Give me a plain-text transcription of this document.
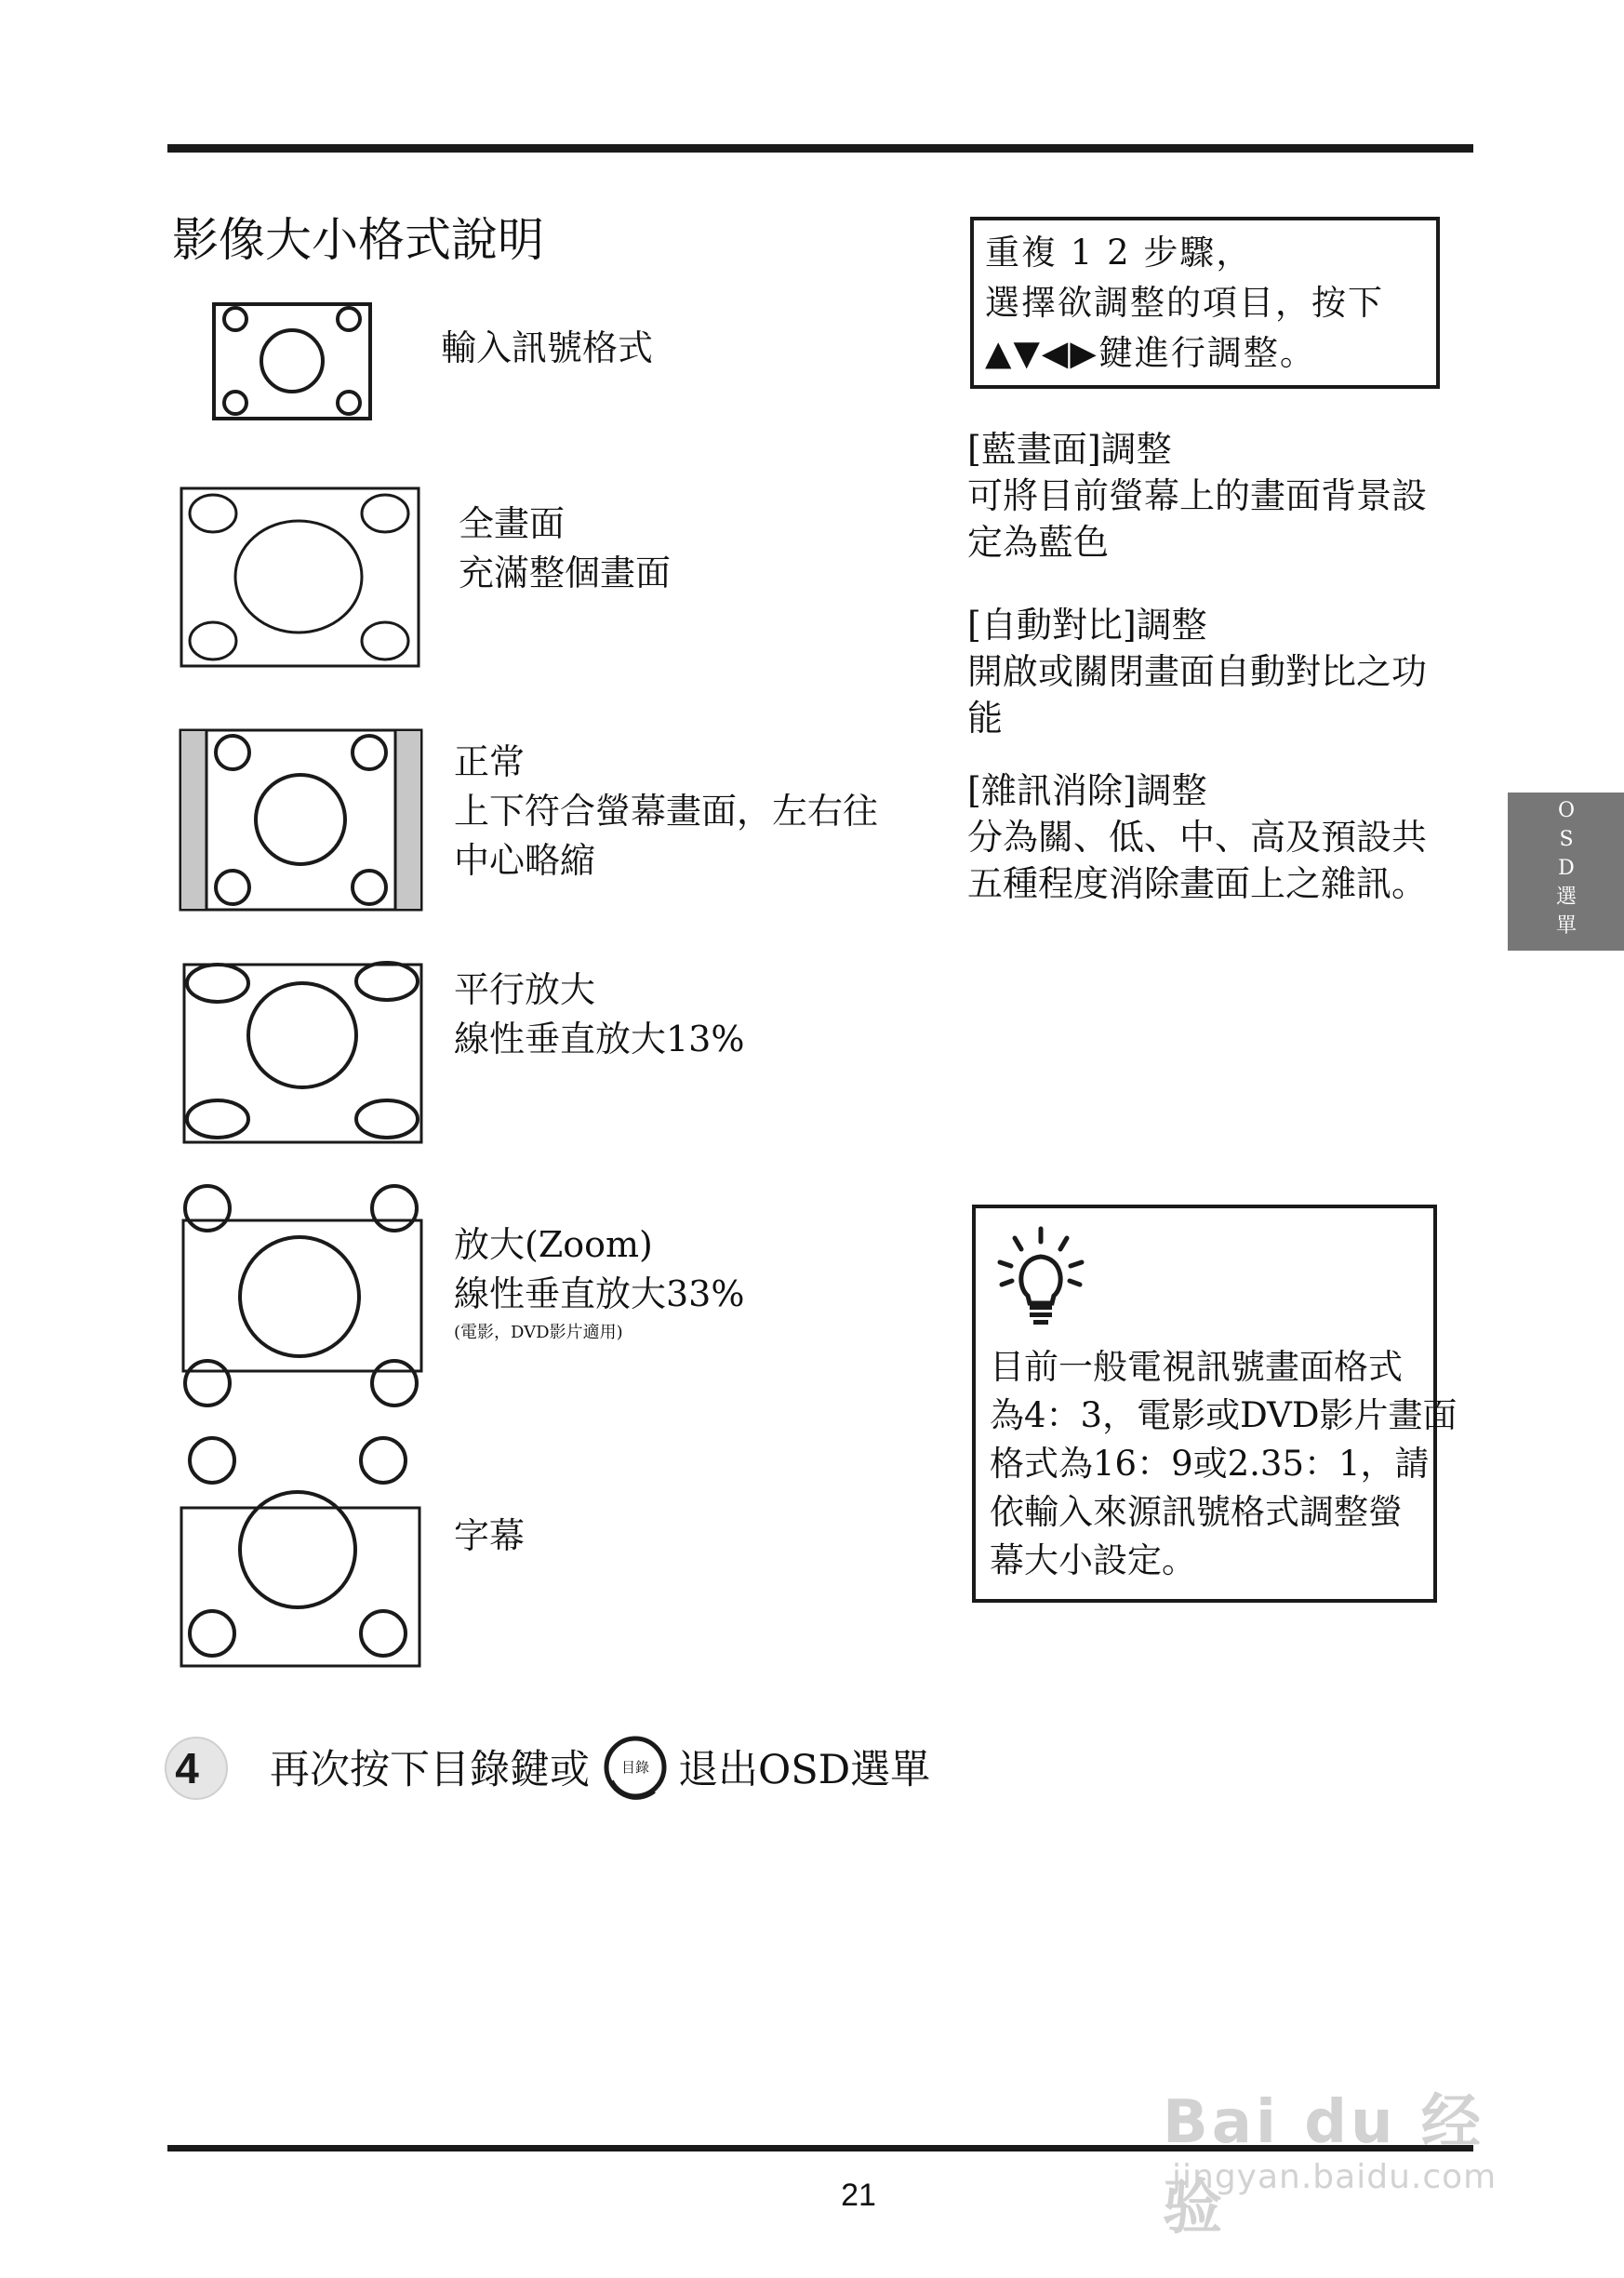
影像大小格式說明
輸入訊號格式
全畫面
充滿整個畫面
正常
上下符合螢幕畫面，左右往
中心略縮
平行放大
線性垂直放大13%
放大(Zoom)
線性垂直放大33%
(電影，DVD影片適用)
字幕
重複 1 2 步驟，
選擇欲調整的項目，按下
▲▼◀▶鍵進行調整。
[藍畫面]調整
可將目前螢幕上的畫面背景設
定為藍色
[自動對比]調整
開啟或關閉畫面自動對比之功
能
[雜訊消除]調整
分為關、低、中、高及預設共
五種程度消除畫面上之雜訊。
目前一般電視訊號畫面格式
為4：3，電影或DVD影片畫面
格式為16：9或2.35：1，請
依輸入來源訊號格式調整螢
幕大小設定。
O
S
D
選
單
4 再次按下目錄鍵或 目錄 退出OSD選單
21
Bai du 经验
jingyan.baidu.com
